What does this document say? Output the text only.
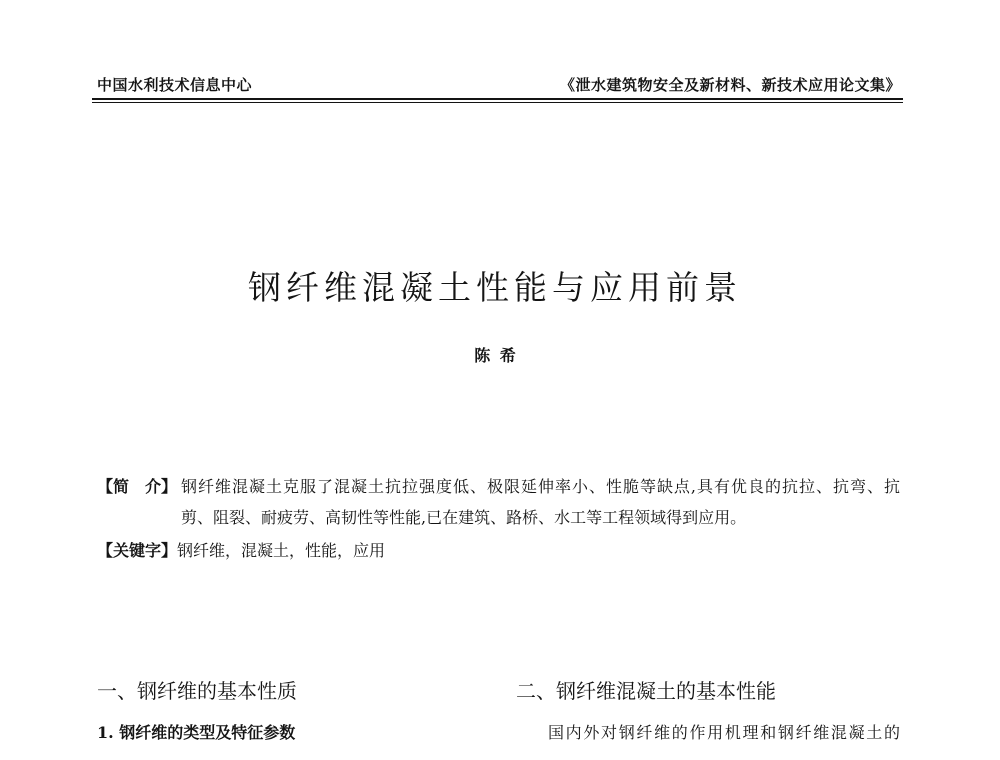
中国水利技术信息中心	《泄水建筑物安全及新材料、新技术应用论文集》
钢纤维混凝土性能与应用前景
陈 希
【简　介】 钢纤维混凝土克服了混凝土抗拉强度低、极限延伸率小、性脆等缺点,具有优良的抗拉、抗弯、抗
剪、阻裂、耐疲劳、高韧性等性能,已在建筑、路桥、水工等工程领域得到应用。
【关键字】钢纤维，混凝土，性能，应用
一、钢纤维的基本性质	二、钢纤维混凝土的基本性能
1. 钢纤维的类型及特征参数	国内外对钢纤维的作用机理和钢纤维混凝土的
